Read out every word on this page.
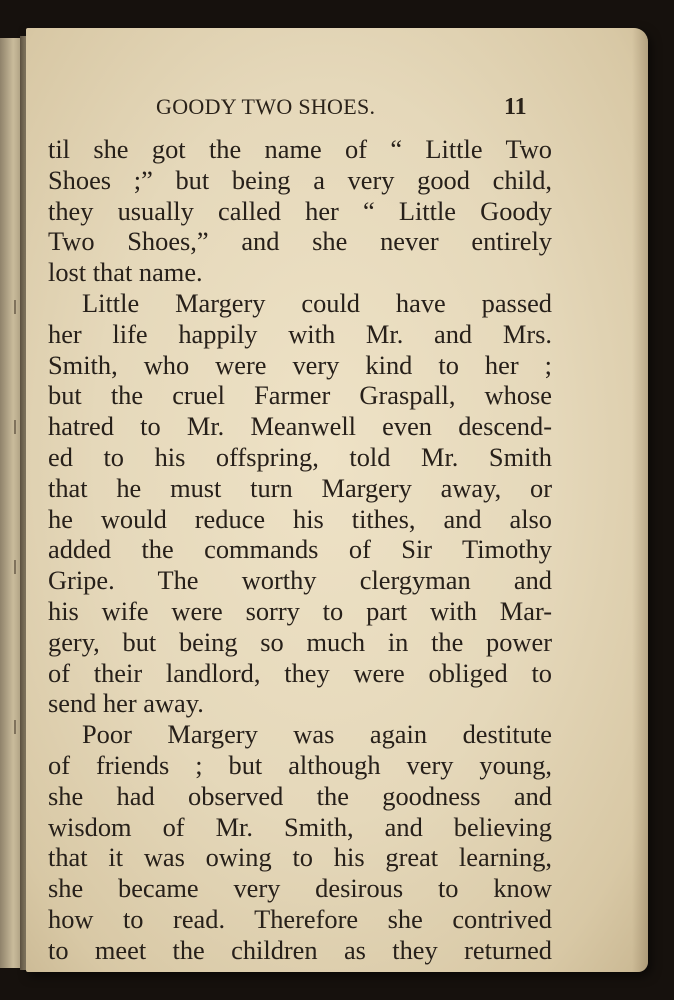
GOODY TWO SHOES.	11
til she got the name of “ Little Two
Shoes ;” but being a very good child,
they usually called her “ Little Goody
Two Shoes,” and she never entirely
lost that name.
Little Margery could have passed
her life happily with Mr. and Mrs.
Smith, who were very kind to her ;
but the cruel Farmer Graspall, whose
hatred to Mr. Meanwell even descend-
ed to his offspring, told Mr. Smith
that he must turn Margery away, or
he would reduce his tithes, and also
added the commands of Sir Timothy
Gripe. The worthy clergyman and
his wife were sorry to part with Mar-
gery, but being so much in the power
of their landlord, they were obliged to
send her away.
Poor Margery was again destitute
of friends ; but although very young,
she had observed the goodness and
wisdom of Mr. Smith, and believing
that it was owing to his great learning,
she became very desirous to know
how to read. Therefore she contrived
to meet the children as they returned
